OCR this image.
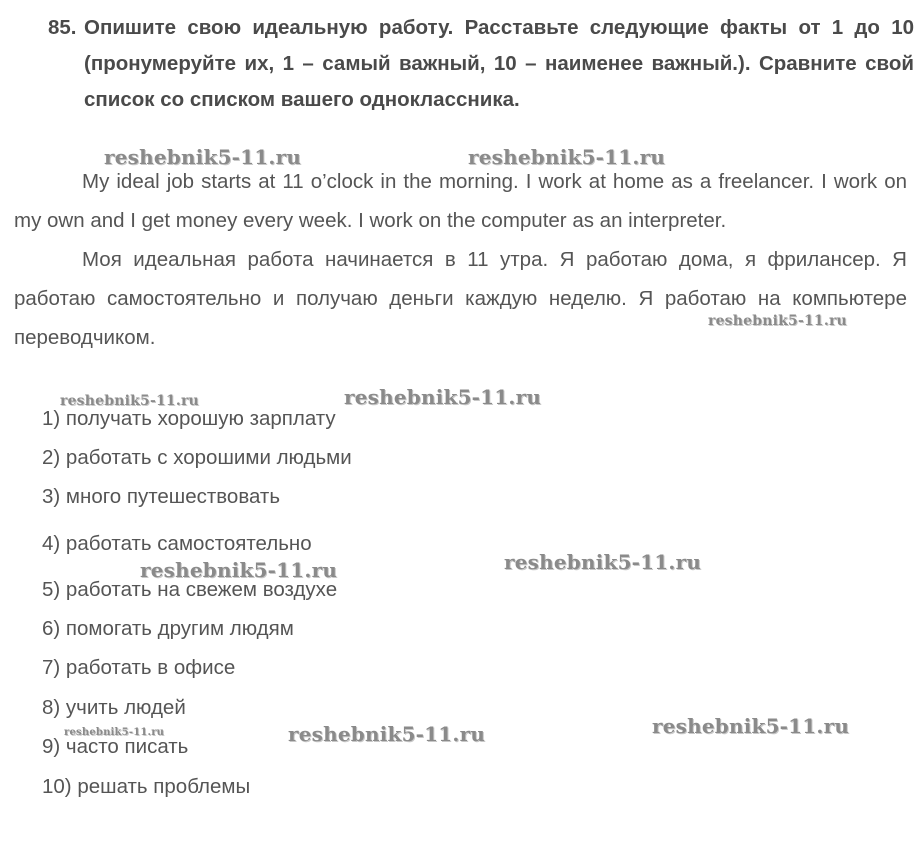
85. Опишите свою идеальную работу. Расставьте следующие факты от 1 до 10 (пронумеруйте их, 1 – самый важный, 10 – наименее важный.). Сравните свой список со списком вашего одноклассника.
My ideal job starts at 11 o’clock in the morning. I work at home as a freelancer. I work on my own and I get money every week. I work on the computer as an interpreter.
Моя идеальная работа начинается в 11 утра. Я работаю дома, я фрилансер. Я работаю самостоятельно и получаю деньги каждую неделю. Я работаю на компьютере переводчиком.
1) получать хорошую зарплату
2) работать с хорошими людьми
3) много путешествовать
4) работать самостоятельно
5) работать на свежем воздухе
6) помогать другим людям
7) работать в офисе
8) учить людей
9) часто писать
10) решать проблемы
reshebnik5-11.ru	reshebnik5-11.ru
reshebnik5-11.ru
reshebnik5-11.ru	reshebnik5-11.ru
reshebnik5-11.ru
reshebnik5-11.ru
reshebnik5-11.ru
reshebnik5-11.ru
reshebnik5-11.ru
